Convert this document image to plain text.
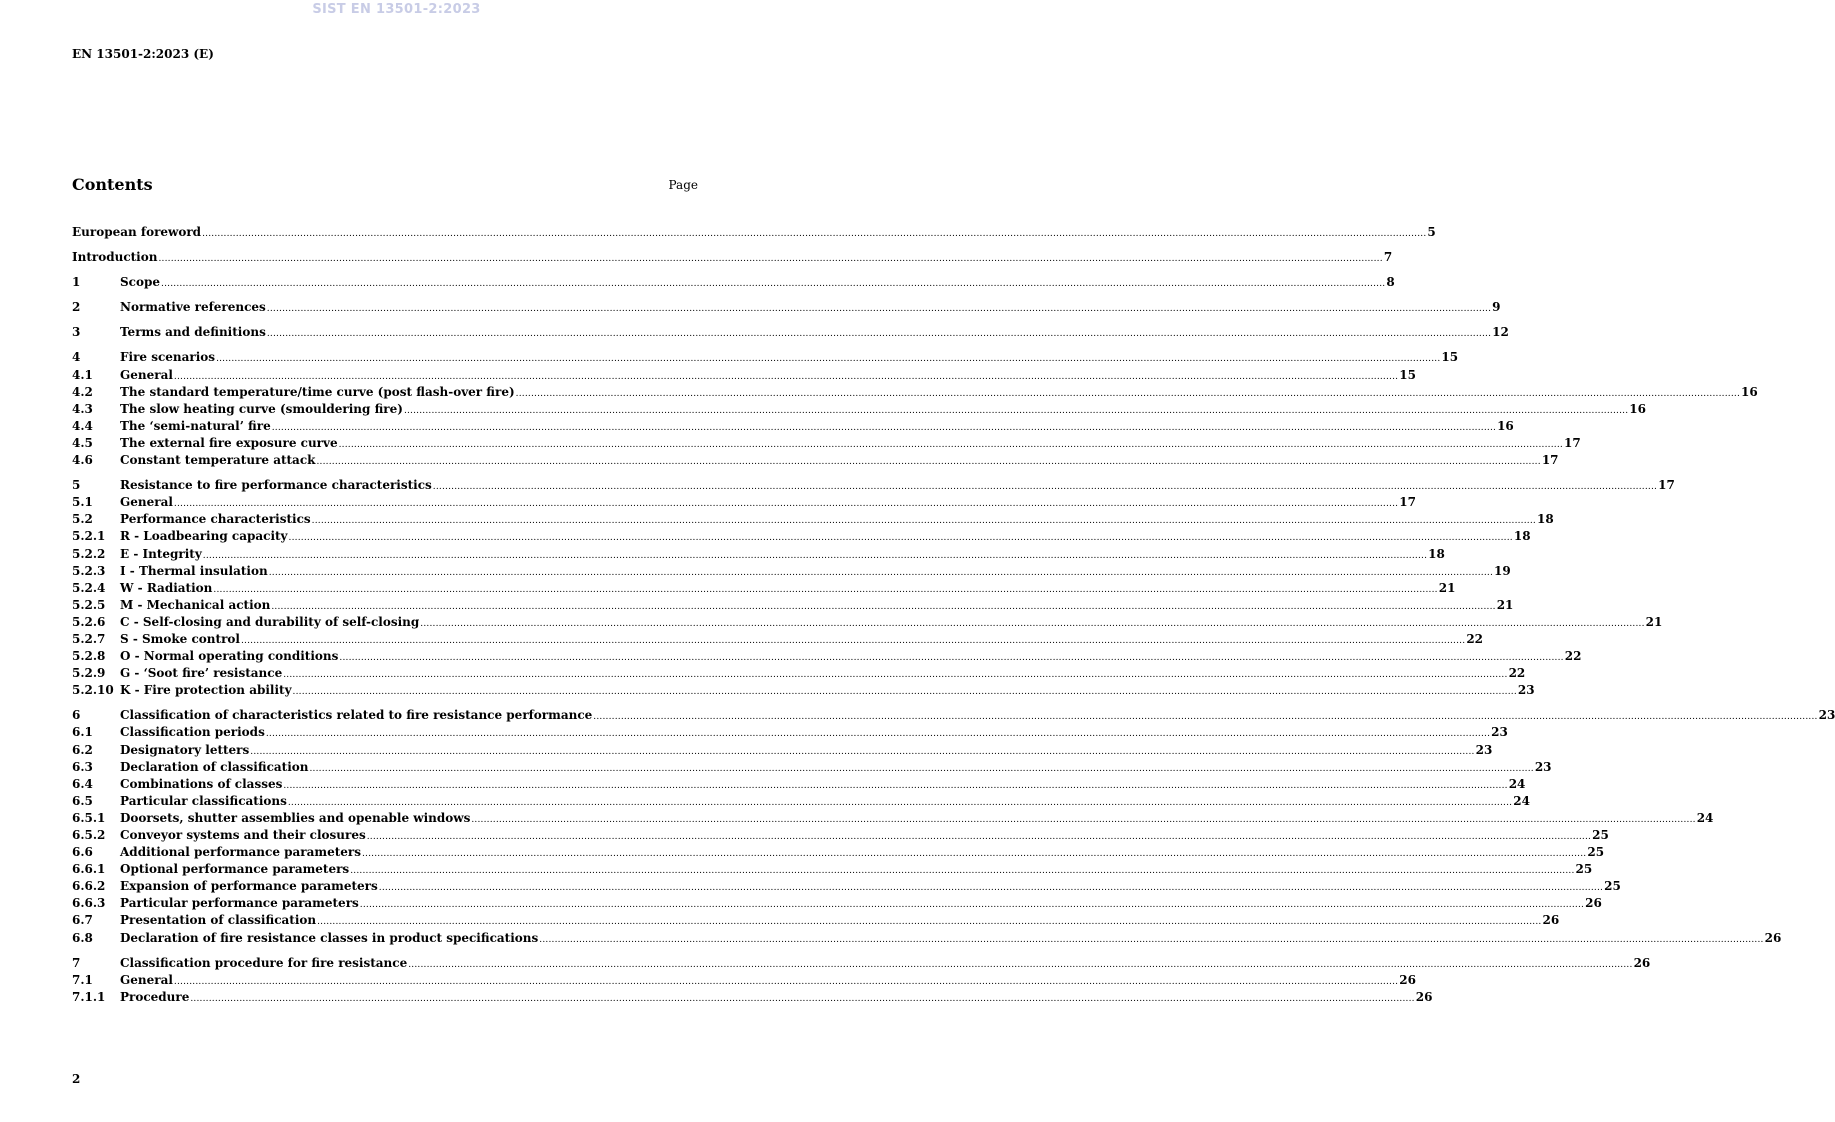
SIST EN 13501-2:2023
EN 13501-2:2023 (E)
Contents	Page
European foreword ................................................................................................................................................................................................................................................................................................................................................................................................................ 5
Introduction ................................................................................................................................................................................................................................................................................................................................................................................................................ 7
1	Scope ................................................................................................................................................................................................................................................................................................................................................................................................................ 8
2	Normative references ................................................................................................................................................................................................................................................................................................................................................................................................................ 9
3	Terms and definitions ................................................................................................................................................................................................................................................................................................................................................................................................................ 12
4	Fire scenarios ................................................................................................................................................................................................................................................................................................................................................................................................................ 15
4.1	General ................................................................................................................................................................................................................................................................................................................................................................................................................ 15
4.2	The standard temperature/time curve (post flash-over fire) ................................................................................................................................................................................................................................................................................................................................................................................................................ 16
4.3	The slow heating curve (smouldering fire) ................................................................................................................................................................................................................................................................................................................................................................................................................ 16
4.4	The ‘semi-natural’ fire ................................................................................................................................................................................................................................................................................................................................................................................................................ 16
4.5	The external fire exposure curve ................................................................................................................................................................................................................................................................................................................................................................................................................ 17
4.6	Constant temperature attack ................................................................................................................................................................................................................................................................................................................................................................................................................ 17
5	Resistance to fire performance characteristics ................................................................................................................................................................................................................................................................................................................................................................................................................ 17
5.1	General ................................................................................................................................................................................................................................................................................................................................................................................................................ 17
5.2	Performance characteristics ................................................................................................................................................................................................................................................................................................................................................................................................................ 18
5.2.1	R - Loadbearing capacity ................................................................................................................................................................................................................................................................................................................................................................................................................ 18
5.2.2	E - Integrity ................................................................................................................................................................................................................................................................................................................................................................................................................ 18
5.2.3	I - Thermal insulation ................................................................................................................................................................................................................................................................................................................................................................................................................ 19
5.2.4	W - Radiation ................................................................................................................................................................................................................................................................................................................................................................................................................ 21
5.2.5	M - Mechanical action ................................................................................................................................................................................................................................................................................................................................................................................................................ 21
5.2.6	C - Self-closing and durability of self-closing ................................................................................................................................................................................................................................................................................................................................................................................................................ 21
5.2.7	S - Smoke control ................................................................................................................................................................................................................................................................................................................................................................................................................ 22
5.2.8	O - Normal operating conditions ................................................................................................................................................................................................................................................................................................................................................................................................................ 22
5.2.9	G - ‘Soot fire’ resistance ................................................................................................................................................................................................................................................................................................................................................................................................................ 22
5.2.10 K - Fire protection ability ................................................................................................................................................................................................................................................................................................................................................................................................................ 23
6	Classification of characteristics related to fire resistance performance ................................................................................................................................................................................................................................................................................................................................................................................................................ 23
6.1	Classification periods ................................................................................................................................................................................................................................................................................................................................................................................................................ 23
6.2	Designatory letters ................................................................................................................................................................................................................................................................................................................................................................................................................ 23
6.3	Declaration of classification ................................................................................................................................................................................................................................................................................................................................................................................................................ 23
6.4	Combinations of classes ................................................................................................................................................................................................................................................................................................................................................................................................................ 24
6.5	Particular classifications ................................................................................................................................................................................................................................................................................................................................................................................................................ 24
6.5.1	Doorsets, shutter assemblies and openable windows ................................................................................................................................................................................................................................................................................................................................................................................................................ 24
6.5.2	Conveyor systems and their closures ................................................................................................................................................................................................................................................................................................................................................................................................................ 25
6.6	Additional performance parameters ................................................................................................................................................................................................................................................................................................................................................................................................................ 25
6.6.1	Optional performance parameters ................................................................................................................................................................................................................................................................................................................................................................................................................ 25
6.6.2	Expansion of performance parameters ................................................................................................................................................................................................................................................................................................................................................................................................................ 25
6.6.3	Particular performance parameters ................................................................................................................................................................................................................................................................................................................................................................................................................ 26
6.7	Presentation of classification ................................................................................................................................................................................................................................................................................................................................................................................................................ 26
6.8	Declaration of fire resistance classes in product specifications ................................................................................................................................................................................................................................................................................................................................................................................................................ 26
7	Classification procedure for fire resistance ................................................................................................................................................................................................................................................................................................................................................................................................................ 26
7.1	General ................................................................................................................................................................................................................................................................................................................................................................................................................ 26
7.1.1	Procedure ................................................................................................................................................................................................................................................................................................................................................................................................................ 26
2
